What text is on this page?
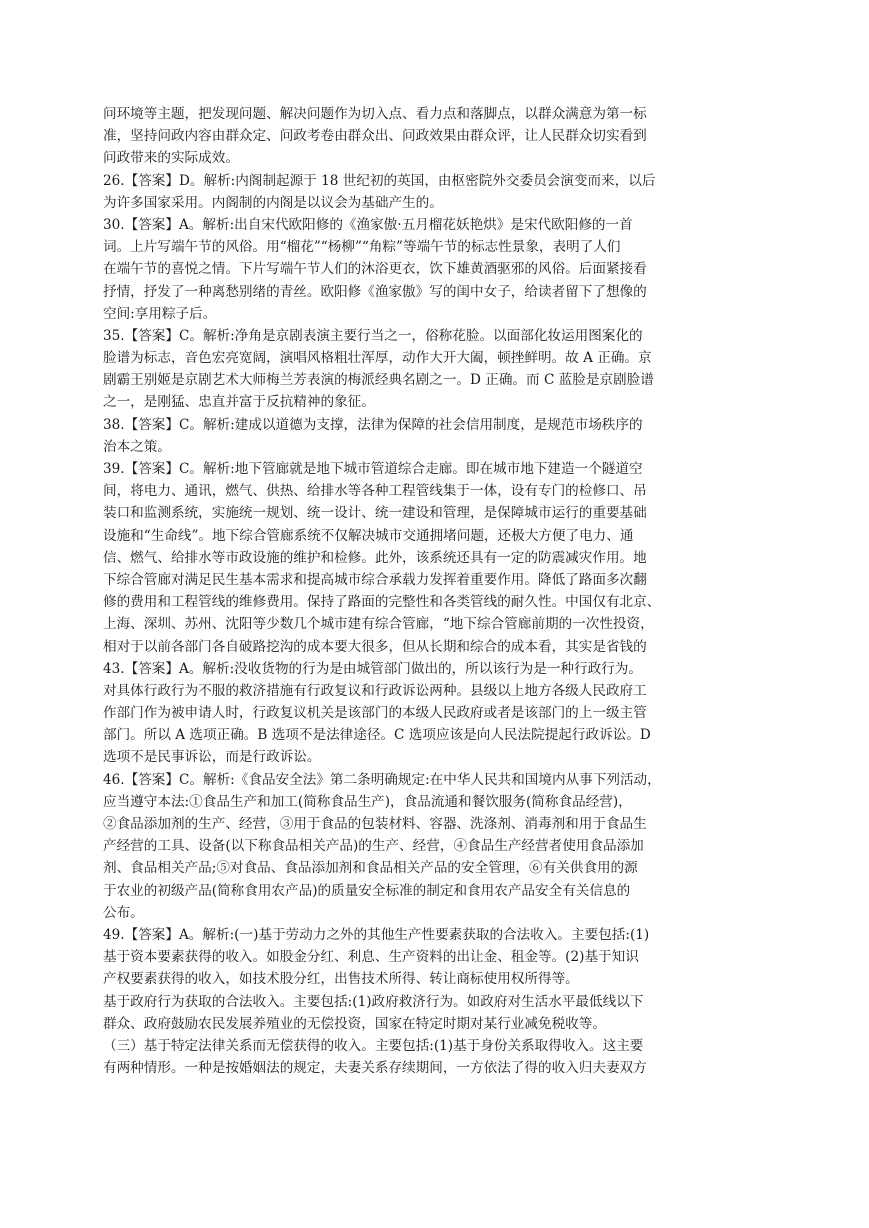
问环境等主题，把发现问题、解决问题作为切入点、看力点和落脚点，以群众满意为第一标
准，坚持问政内容由群众定、问政考卷由群众出、问政效果由群众评，让人民群众切实看到
问政带来的实际成效。
26.【答案】D。解析:内阁制起源于 18 世纪初的英国，由枢密院外交委员会演变而来，以后
为许多国家采用。内阁制的内阁是以议会为基础产生的。
30.【答案】A。解析:出自宋代欧阳修的《渔家傲·五月榴花妖艳烘》是宋代欧阳修的一首
词。上片写端午节的风俗。用“榴花”“杨柳”“角粽”等端午节的标志性景象，表明了人们
在端午节的喜悦之情。下片写端午节人们的沐浴更衣，饮下雄黄酒驱邪的风俗。后面紧接看
抒情，抒发了一种离愁别绪的青丝。欧阳修《渔家傲》写的闺中女子，给读者留下了想像的
空间:享用粽子后。
35.【答案】C。解析:净角是京剧表演主要行当之一，俗称花脸。以面部化妆运用图案化的
脸谱为标志，音色宏亮宽阔，演唱风格粗壮浑厚，动作大开大阖，顿挫鲜明。故 A 正确。京
剧霸王别姬是京剧艺术大师梅兰芳表演的梅派经典名剧之一。D 正确。而 C 蓝脸是京剧脸谱
之一，是刚猛、忠直并富于反抗精神的象征。
38.【答案】C。解析:建成以道德为支撑，法律为保障的社会信用制度，是规范市场秩序的
治本之策。
39.【答案】C。解析:地下管廊就是地下城市管道综合走廊。即在城市地下建造一个隧道空
间，将电力、通讯，燃气、供热、给排水等各种工程管线集于一体，设有专门的检修口、吊
装口和监测系统，实施统一规划、统一设计、统一建设和管理，是保障城市运行的重要基础
设施和“生命线”。地下综合管廊系统不仅解决城市交通拥堵问题，还极大方便了电力、通
信、燃气、给排水等市政设施的维护和检修。此外，该系统还具有一定的防震减灾作用。地
下综合管廊对满足民生基本需求和提高城市综合承载力发挥着重要作用。降低了路面多次翻
修的费用和工程管线的维修费用。保持了路面的完整性和各类管线的耐久性。中国仅有北京、
上海、深圳、苏州、沈阳等少数几个城市建有综合管廊，“地下综合管廊前期的一次性投资，
相对于以前各部门各自破路挖沟的成本要大很多，但从长期和综合的成本看，其实是省钱的
43.【答案】A。解析:没收货物的行为是由城管部门做出的，所以该行为是一种行政行为。
对具体行政行为不服的救济措施有行政复议和行政诉讼两种。县级以上地方各级人民政府工
作部门作为被申请人时，行政复议机关是该部门的本级人民政府或者是该部门的上一级主管
部门。所以 A 选项正确。B 选项不是法律途径。C 选项应该是向人民法院提起行政诉讼。D
选项不是民事诉讼，而是行政诉讼。
46.【答案】C。解析:《食品安全法》第二条明确规定:在中华人民共和国境内从事下列活动，
应当遵守本法:①食品生产和加工(简称食品生产)，食品流通和餐饮服务(简称食品经营)，
②食品添加剂的生产、经营，③用于食品的包装材料、容器、洗涤剂、消毒剂和用于食品生
产经营的工具、设备(以下称食品相关产品)的生产、经营，④食品生产经营者使用食品添加
剂、食品相关产品;⑤对食品、食品添加剂和食品相关产品的安全管理，⑥有关供食用的源
于农业的初级产品(简称食用农产品)的质量安全标准的制定和食用农产品安全有关信息的
公布。
49.【答案】A。解析:(一)基于劳动力之外的其他生产性要素获取的合法收入。主要包括:(1)
基于资本要素获得的收入。如股金分红、利息、生产资料的出让金、租金等。(2)基于知识
产权要素获得的收入，如技术股分红，出售技术所得、转让商标使用权所得等。
基于政府行为获取的合法收入。主要包括:(1)政府救济行为。如政府对生活水平最低线以下
群众、政府鼓励农民发展养殖业的无偿投资，国家在特定时期对某行业减免税收等。
（三）基于特定法律关系而无偿获得的收入。主要包括:(1)基于身份关系取得收入。这主要
有两种情形。一种是按婚姻法的规定，夫妻关系存续期间，一方依法了得的收入归夫妻双方
